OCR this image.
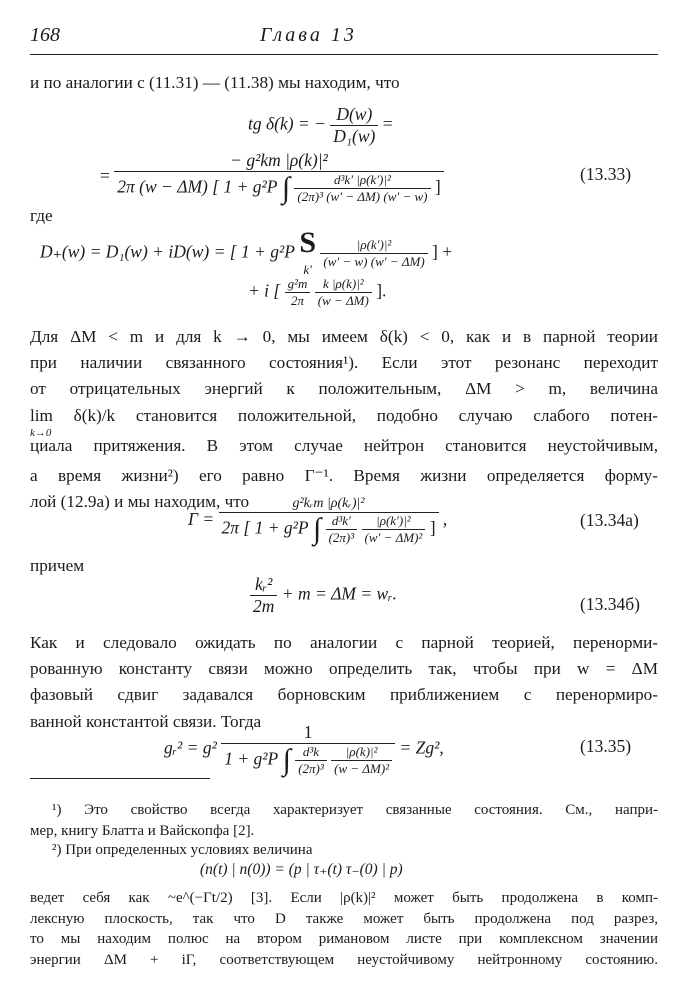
168	Глава 13
и по аналогии с (11.31) — (11.38) мы находим, что
tg δ(k) = − $\frac{D(w)}{\text{D₁(w)}}$ =
=
− g²km |ρ(k)|²
2π (w − ΔM) [ 1 + g²P ∫ $\frac{\text{d³k′ |ρ(k′)|²}}{\text{(2π)³ (w′ − ΔM) (w′ − w)}}$ ]
(13.33)
где
D₊(w) = D₁(w) + iD(w) = [ 1 + g²P S
$k' \frac{\text{|ρ(k′)|²}}{(w' - w) (w' - \Delta M)}$ ] +
+ i [ $\frac{\text{g²m}}{2\pi}$
$\frac{\text{k |ρ(k)|²}}{(w - \Delta M)}$ ].
Для ΔM < m и для k → 0, мы имеем δ(k) < 0, как и в парной теории
при наличии связанного состояния¹). Если этот резонанс переходит
от отрицательных энергий к положительным, ΔM > m, величина
lim δ(k)/k становится положительной, подобно случаю слабого потен-
k→0
циала притяжения. В этом случае нейтрон становится неустойчивым,
а время жизни²) его равно Γ⁻¹. Время жизни определяется форму-
лой (12.9а) и мы находим, что
Γ =
g²kᵣm |ρ(kᵣ)|²
2π [ 1 + g²P ∫ $\frac{\text{d³k′}}{\text{(2π)³}}$
$\frac{\text{|ρ(k′)|²}}{\text{(w′ − ΔM)²}}$ ] ,	(13.34а)
причем
$\frac{\text{kᵣ²}}{2m} + m = \Delta M$ = wᵣ.
(13.34б)
Как и следовало ожидать по аналогии с парной теорией, перенорми-
рованную константу связи можно определить так, чтобы при w = ΔM
фазовый сдвиг задавался борновским приближением с перенормиро-
ванной константой связи. Тогда
gᵣ² = g²
1
1 + g²P ∫ $\frac{\text{d³k}}{\text{(2π)³}}$
$\frac{\text{|ρ(k)|²}}{\text{(w − ΔM)²}} = Zg^2$,	(13.35)
¹) Это свойство всегда характеризует связанные состояния. См., напри-
мер, книгу Блатта и Вайскопфа [2].
²) При определенных условиях величина
(n(t) | n(0)) = (p | τ₊(t) τ₋(0) | p)
ведет себя как ~e^(−Γt/2) [3]. Если |ρ(k)|² может быть продолжена в комп-
лексную плоскость, так что D также может быть продолжена под разрез,
то мы находим полюс на втором римановом листе при комплексном значении
энергии ΔM + iΓ, соответствующем неустойчивому нейтронному состоянию.
